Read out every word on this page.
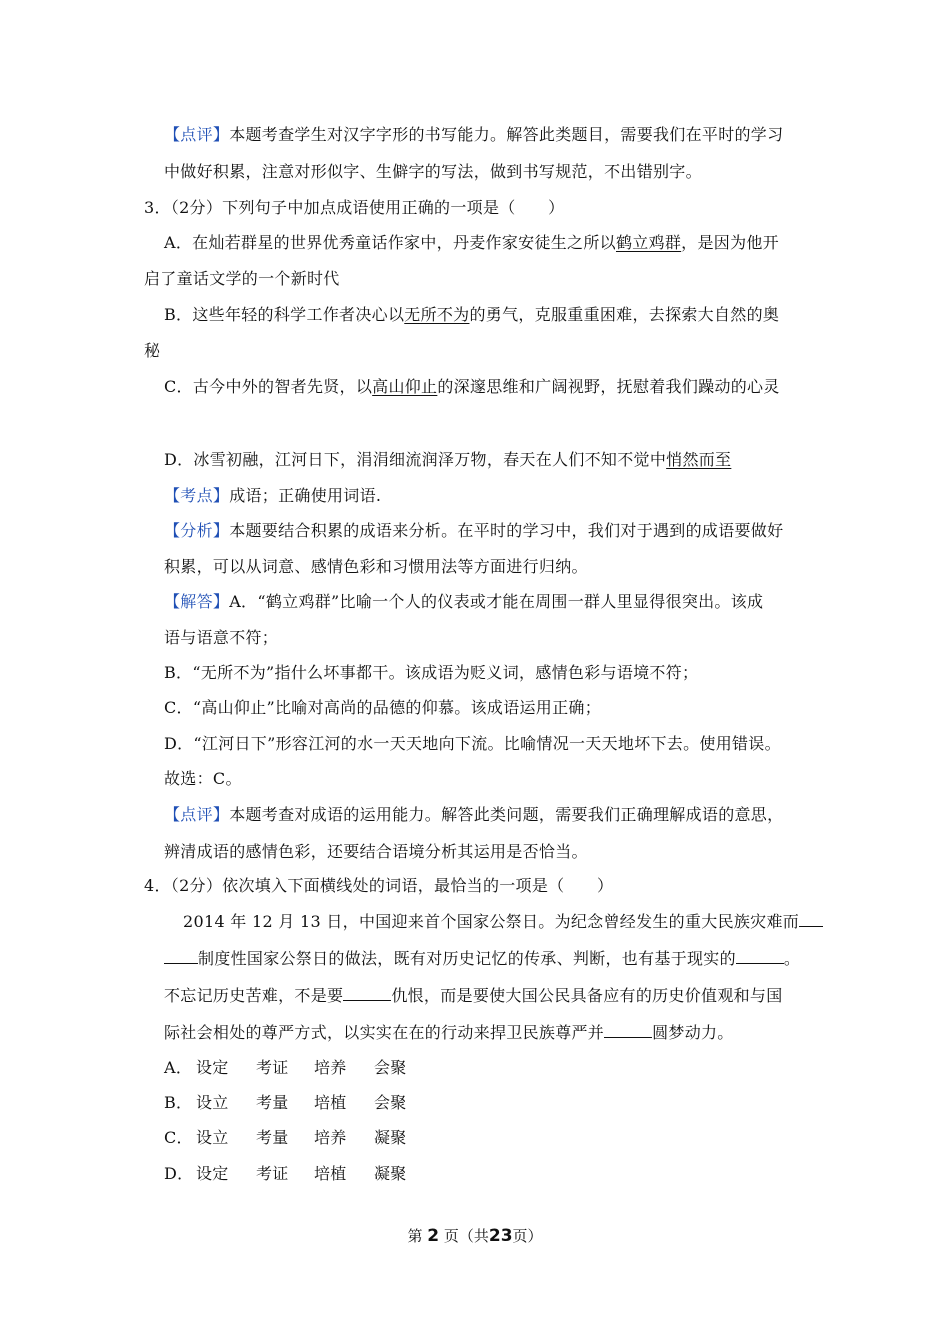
【点评】本题考查学生对汉字字形的书写能力。解答此类题目，需要我们在平时的学习
中做好积累，注意对形似字、生僻字的写法，做到书写规范，不出错别字。
3．（2分）下列句子中加点成语使用正确的一项是（　　）
A．在灿若群星的世界优秀童话作家中，丹麦作家安徒生之所以鹤立鸡群，是因为他开
启了童话文学的一个新时代
B．这些年轻的科学工作者决心以无所不为的勇气，克服重重困难，去探索大自然的奥
秘
C．古今中外的智者先贤，以高山仰止的深邃思维和广阔视野，抚慰着我们躁动的心灵
D．冰雪初融，江河日下，涓涓细流润泽万物，春天在人们不知不觉中悄然而至
【考点】成语；正确使用词语.
【分析】本题要结合积累的成语来分析。在平时的学习中，我们对于遇到的成语要做好
积累，可以从词意、感情色彩和习惯用法等方面进行归纳。
【解答】A．“鹤立鸡群”比喻一个人的仪表或才能在周围一群人里显得很突出。该成
语与语意不符；
B．“无所不为”指什么坏事都干。该成语为贬义词，感情色彩与语境不符；
C．“高山仰止”比喻对高尚的品德的仰慕。该成语运用正确；
D．“江河日下”形容江河的水一天天地向下流。比喻情况一天天地坏下去。使用错误。
故选：C。
【点评】本题考查对成语的运用能力。解答此类问题，需要我们正确理解成语的意思，
辨清成语的感情色彩，还要结合语境分析其运用是否恰当。
4．（2分）依次填入下面横线处的词语，最恰当的一项是（　　）
2014 年 12 月 13 日，中国迎来首个国家公祭日。为纪念曾经发生的重大民族灾难而
制度性国家公祭日的做法，既有对历史记忆的传承、判断，也有基于现实的	。
不忘记历史苦难，不是要	仇恨，而是要使大国公民具备应有的历史价值观和与国
际社会相处的尊严方式，以实实在在的行动来捍卫民族尊严并	圆梦动力。
A． 设定 考证 培养 会聚
B． 设立 考量 培植 会聚
C． 设立 考量 培养 凝聚
D． 设定 考证 培植 凝聚
第 2 页（共23页）
